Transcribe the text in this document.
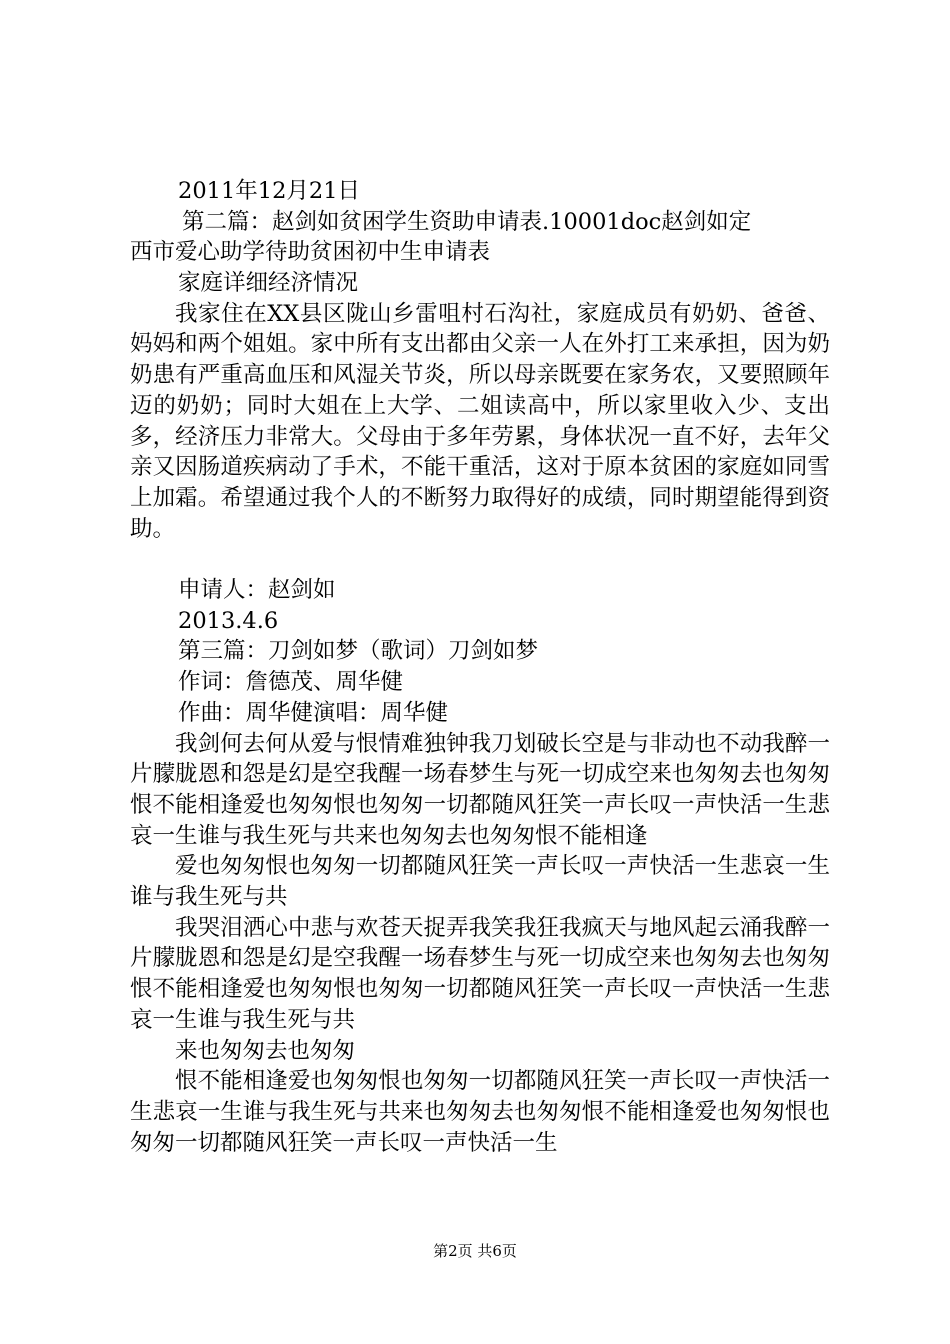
2011年12月21日
第二篇：赵剑如贫困学生资助申请表.10001doc赵剑如定
西市爱心助学待助贫困初中生申请表
家庭详细经济情况

我家住在XX县区陇山乡雷咀村石沟社，家庭成员有奶奶、爸爸、妈妈和两个姐姐。家中所有支出都由父亲一人在外打工来承担，因为奶奶患有严重高血压和风湿关节炎，所以母亲既要在家务农，又要照顾年迈的奶奶；同时大姐在上大学、二姐读高中，所以家里收入少、支出多，经济压力非常大。父母由于多年劳累，身体状况一直不好，去年父亲又因肠道疾病动了手术，不能干重活，这对于原本贫困的家庭如同雪上加霜。希望通过我个人的不断努力取得好的成绩，同时期望能得到资助。

申请人：赵剑如
2013.4.6
第三篇：刀剑如梦（歌词）刀剑如梦
作词：詹德茂、周华健
作曲：周华健演唱：周华健

我剑何去何从爱与恨情难独钟我刀划破长空是与非动也不动我醉一片朦胧恩和怨是幻是空我醒一场春梦生与死一切成空来也匆匆去也匆匆恨不能相逢爱也匆匆恨也匆匆一切都随风狂笑一声长叹一声快活一生悲哀一生谁与我生死与共来也匆匆去也匆匆恨不能相逢

爱也匆匆恨也匆匆一切都随风狂笑一声长叹一声快活一生悲哀一生谁与我生死与共

我哭泪洒心中悲与欢苍天捉弄我笑我狂我疯天与地风起云涌我醉一片朦胧恩和怨是幻是空我醒一场春梦生与死一切成空来也匆匆去也匆匆恨不能相逢爱也匆匆恨也匆匆一切都随风狂笑一声长叹一声快活一生悲哀一生谁与我生死与共

来也匆匆去也匆匆

恨不能相逢爱也匆匆恨也匆匆一切都随风狂笑一声长叹一声快活一生悲哀一生谁与我生死与共来也匆匆去也匆匆恨不能相逢爱也匆匆恨也匆匆一切都随风狂笑一声长叹一声快活一生

第2页 共6页
